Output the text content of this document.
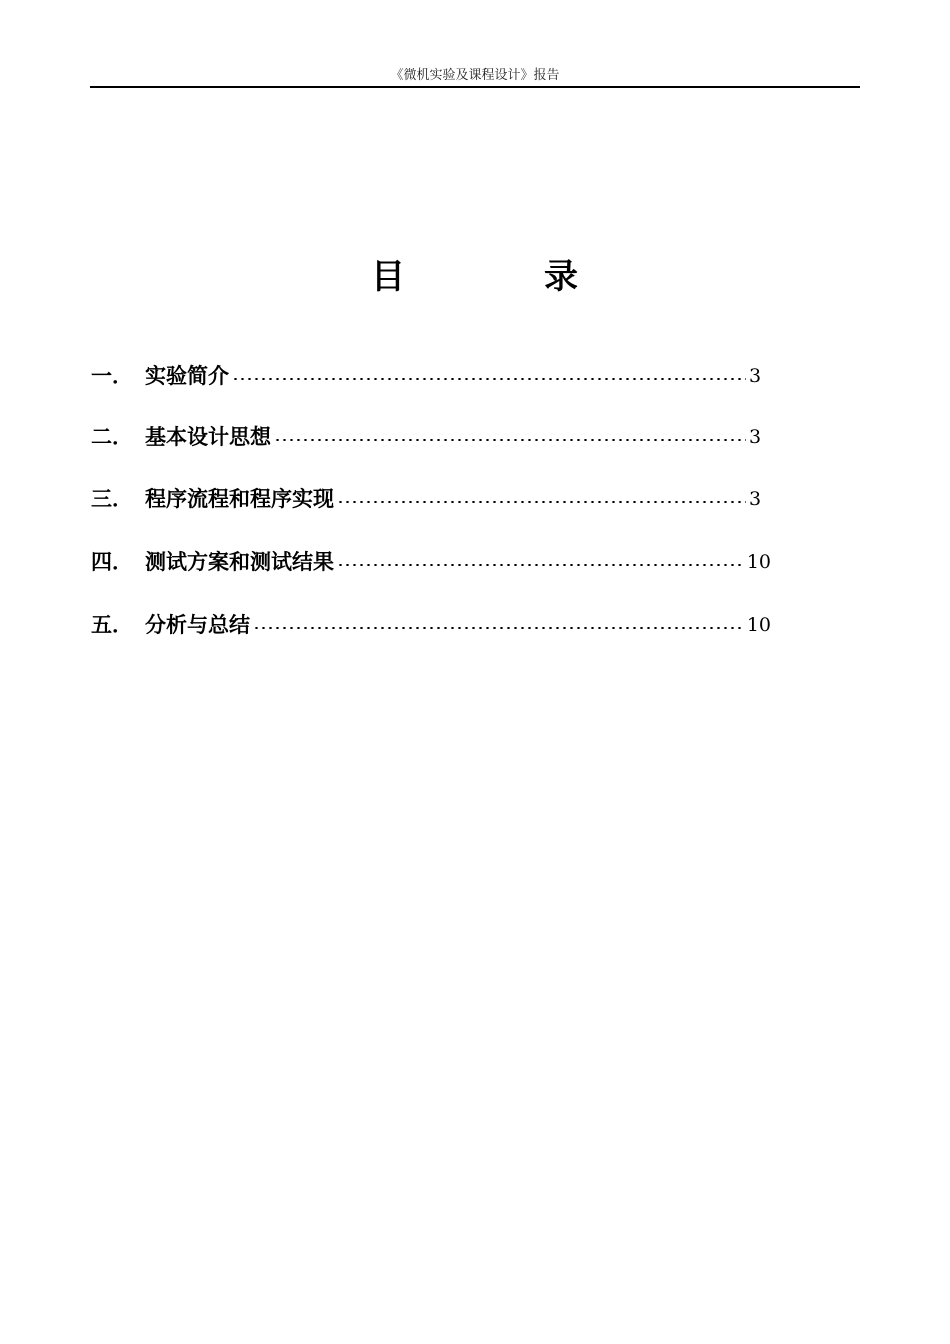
《微机实验及课程设计》报告
目	录
一． 实验简介	3
二． 基本设计思想	3
三． 程序流程和程序实现	3
四． 测试方案和测试结果	10
五． 分析与总结	10
